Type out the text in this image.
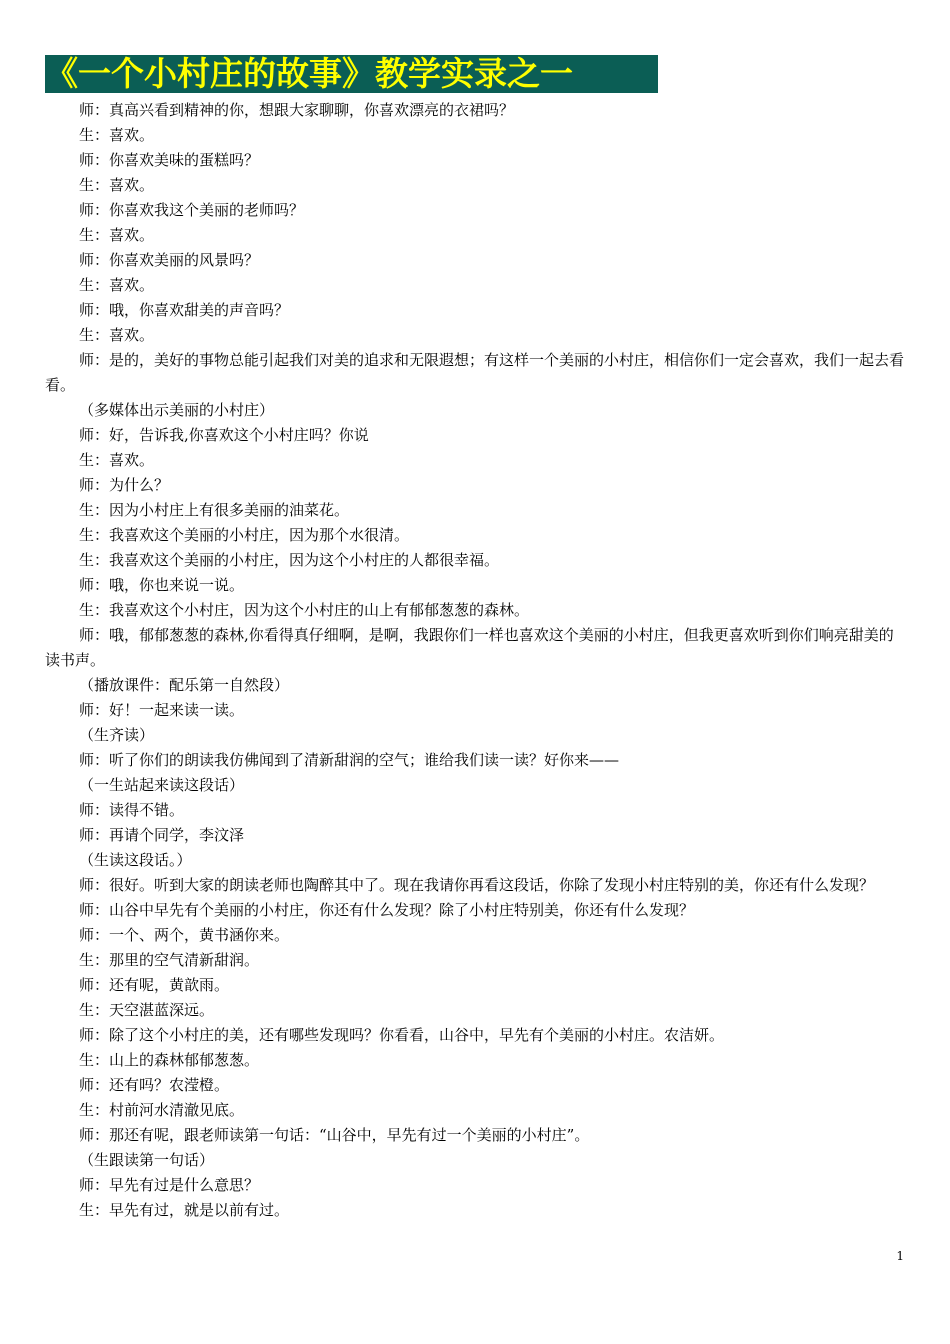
《一个小村庄的故事》教学实录之一

师：真高兴看到精神的你，想跟大家聊聊，你喜欢漂亮的衣裙吗？

生：喜欢。

师：你喜欢美味的蛋糕吗？

生：喜欢。

师：你喜欢我这个美丽的老师吗？

生：喜欢。

师：你喜欢美丽的风景吗？

生：喜欢。

师：哦，你喜欢甜美的声音吗？

生：喜欢。

师：是的，美好的事物总能引起我们对美的追求和无限遐想；有这样一个美丽的小村庄，相信你们一定会喜欢，我们一起去看看。

（多媒体出示美丽的小村庄）

师：好，告诉我,你喜欢这个小村庄吗？你说

生：喜欢。

师：为什么？

生：因为小村庄上有很多美丽的油菜花。

生：我喜欢这个美丽的小村庄，因为那个水很清。

生：我喜欢这个美丽的小村庄，因为这个小村庄的人都很幸福。

师：哦，你也来说一说。

生：我喜欢这个小村庄，因为这个小村庄的山上有郁郁葱葱的森林。

师：哦，郁郁葱葱的森林,你看得真仔细啊，是啊，我跟你们一样也喜欢这个美丽的小村庄，但我更喜欢听到你们响亮甜美的读书声。

（播放课件：配乐第一自然段）

师：好！一起来读一读。

（生齐读）

师：听了你们的朗读我仿佛闻到了清新甜润的空气；谁给我们读一读？好你来——

（一生站起来读这段话）

师：读得不错。

师：再请个同学，李汶泽

（生读这段话。）

师：很好。听到大家的朗读老师也陶醉其中了。现在我请你再看这段话，你除了发现小村庄特别的美，你还有什么发现？

师：山谷中早先有个美丽的小村庄，你还有什么发现？除了小村庄特别美，你还有什么发现？

师：一个、两个，黄书涵你来。

生：那里的空气清新甜润。

师：还有呢，黄歆雨。

生：天空湛蓝深远。

师：除了这个小村庄的美，还有哪些发现吗？你看看，山谷中，早先有个美丽的小村庄。农洁妍。

生：山上的森林郁郁葱葱。

师：还有吗？农滢橙。

生：村前河水清澈见底。

师：那还有呢，跟老师读第一句话：“山谷中，早先有过一个美丽的小村庄”。

（生跟读第一句话）

师：早先有过是什么意思？

生：早先有过，就是以前有过。

1
